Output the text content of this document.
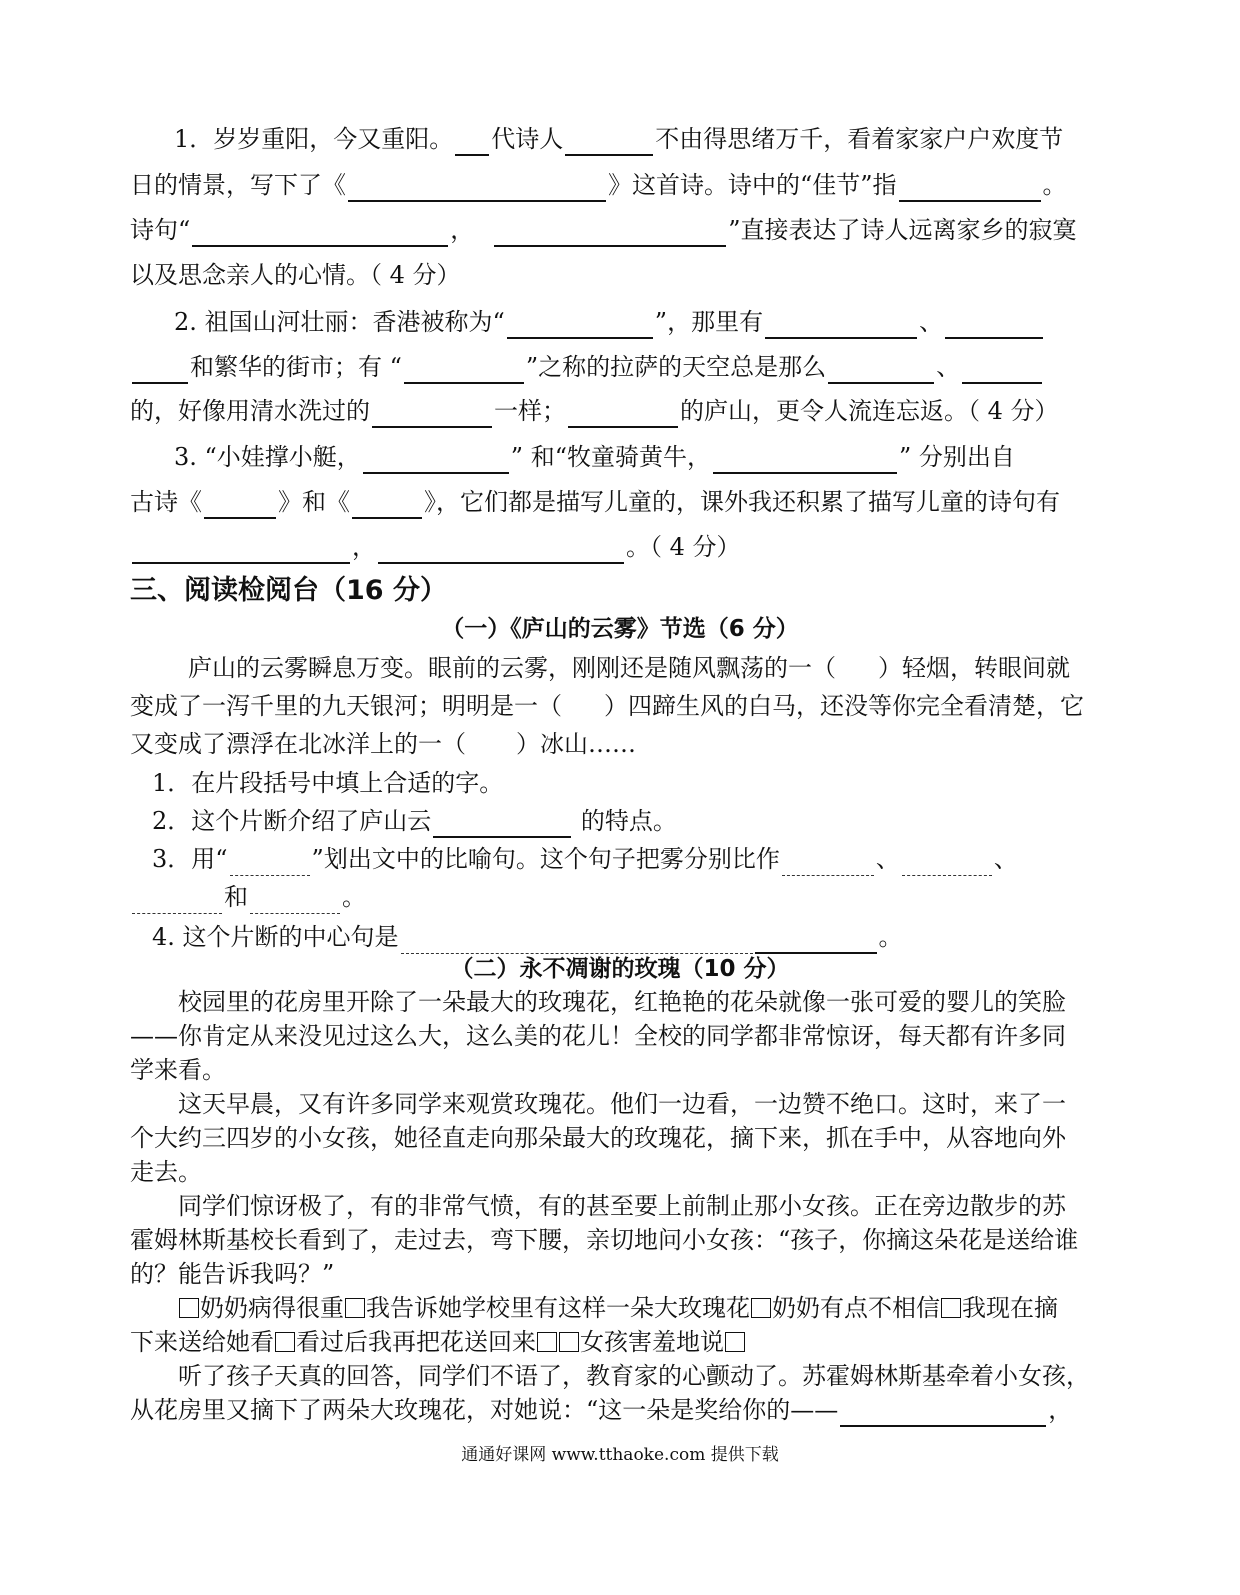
1．岁岁重阳，今又重阳。 代诗人	不由得思绪万千，看着家家户户欢度节
日的情景，写下了《	》这首诗。诗中的“佳节”指	。
诗句“	，	”直接表达了诗人远离家乡的寂寞
以及思念亲人的心情。（ 4 分）
2. 祖国山河壮丽：香港被称为“	”，那里有	、
和繁华的街市；有 “	”之称的拉萨的天空总是那么	、
的，好像用清水洗过的	一样；	的庐山，更令人流连忘返。（ 4 分）
3. “小娃撑小艇，	” 和“牧童骑黄牛，	” 分别出自
古诗《	》和《	》，它们都是描写儿童的，课外我还积累了描写儿童的诗句有
，	。（ 4 分）
三、阅读检阅台（16 分）
（一）《庐山的云雾》节选（6 分）
庐山的云雾瞬息万变。眼前的云雾，刚刚还是随风飘荡的一（ ）轻烟，转眼间就
变成了一泻千里的九天银河；明明是一（ ）四蹄生风的白马，还没等你完全看清楚，它
又变成了漂浮在北冰洋上的一（ ）冰山……
1．在片段括号中填上合适的字。
2．这个片断介绍了庐山云	的特点。
3．用“	”划出文中的比喻句。这个句子把雾分别比作	、	、
和	。
4. 这个片断的中心句是	。
（二）永不凋谢的玫瑰（10 分）
校园里的花房里开除了一朵最大的玫瑰花，红艳艳的花朵就像一张可爱的婴儿的笑脸
——你肯定从来没见过这么大，这么美的花儿！全校的同学都非常惊讶，每天都有许多同
学来看。
这天早晨，又有许多同学来观赏玫瑰花。他们一边看，一边赞不绝口。这时，来了一
个大约三四岁的小女孩，她径直走向那朵最大的玫瑰花，摘下来，抓在手中，从容地向外
走去。
同学们惊讶极了，有的非常气愤，有的甚至要上前制止那小女孩。正在旁边散步的苏
霍姆林斯基校长看到了，走过去，弯下腰，亲切地问小女孩：“孩子，你摘这朵花是送给谁
的？能告诉我吗？”
奶奶病得很重 我告诉她学校里有这样一朵大玫瑰花 奶奶有点不相信 我现在摘
下来送给她看 看过后我再把花送回来 女孩害羞地说
听了孩子天真的回答，同学们不语了，教育家的心颤动了。苏霍姆林斯基牵着小女孩，
从花房里又摘下了两朵大玫瑰花，对她说：“这一朵是奖给你的——	，
通通好课网 www.tthaoke.com 提供下载
